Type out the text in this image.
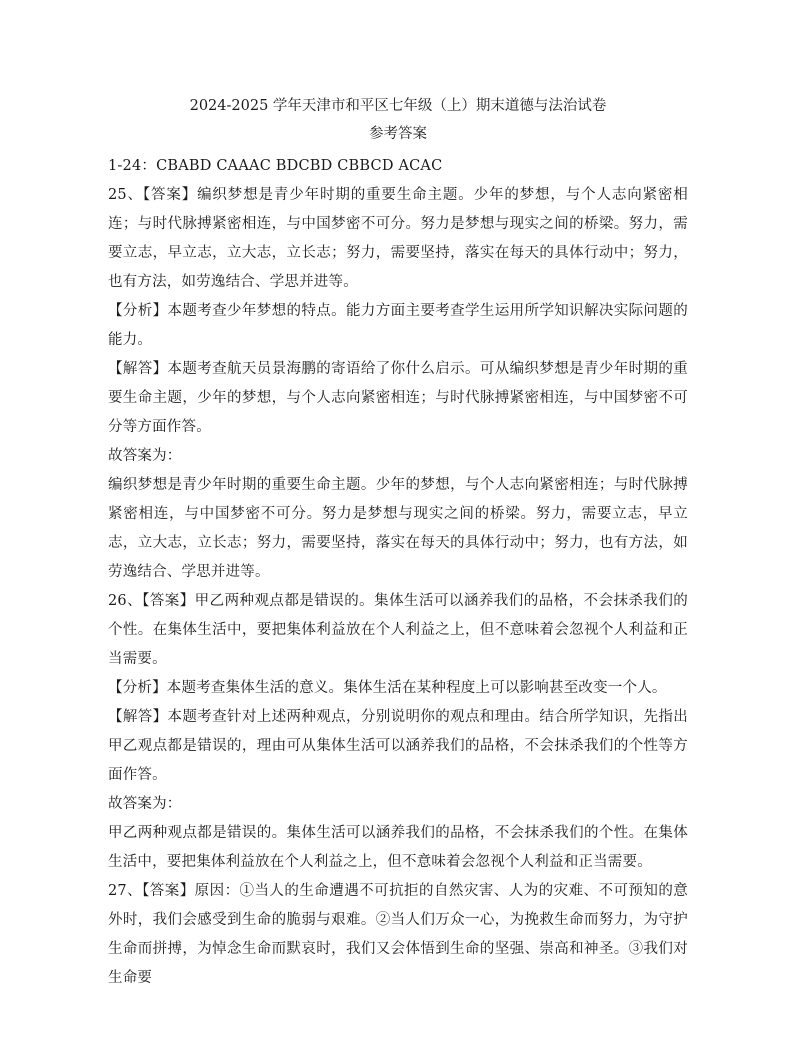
2024-2025 学年天津市和平区七年级（上）期末道德与法治试卷

参考答案

1-24：CBABD CAAAC BDCBD CBBCD ACAC

25、【答案】编织梦想是青少年时期的重要生命主题。少年的梦想，与个人志向紧密相连；与时代脉搏紧密相连，与中国梦密不可分。努力是梦想与现实之间的桥梁。努力，需要立志，早立志，立大志，立长志；努力，需要坚持，落实在每天的具体行动中；努力，也有方法，如劳逸结合、学思并进等。

【分析】本题考查少年梦想的特点。能力方面主要考查学生运用所学知识解决实际问题的能力。

【解答】本题考查航天员景海鹏的寄语给了你什么启示。可从编织梦想是青少年时期的重要生命主题，少年的梦想，与个人志向紧密相连；与时代脉搏紧密相连，与中国梦密不可分等方面作答。

故答案为：

编织梦想是青少年时期的重要生命主题。少年的梦想，与个人志向紧密相连；与时代脉搏紧密相连，与中国梦密不可分。努力是梦想与现实之间的桥梁。努力，需要立志，早立志，立大志，立长志；努力，需要坚持，落实在每天的具体行动中；努力，也有方法，如劳逸结合、学思并进等。

26、【答案】甲乙两种观点都是错误的。集体生活可以涵养我们的品格，不会抹杀我们的个性。在集体生活中，要把集体利益放在个人利益之上，但不意味着会忽视个人利益和正当需要。

【分析】本题考查集体生活的意义。集体生活在某种程度上可以影响甚至改变一个人。

【解答】本题考查针对上述两种观点，分别说明你的观点和理由。结合所学知识，先指出甲乙观点都是错误的，理由可从集体生活可以涵养我们的品格，不会抹杀我们的个性等方面作答。

故答案为：

甲乙两种观点都是错误的。集体生活可以涵养我们的品格，不会抹杀我们的个性。在集体生活中，要把集体利益放在个人利益之上，但不意味着会忽视个人利益和正当需要。

27、【答案】原因：①当人的生命遭遇不可抗拒的自然灾害、人为的灾难、不可预知的意外时，我们会感受到生命的脆弱与艰难。②当人们万众一心，为挽救生命而努力，为守护生命而拼搏，为悼念生命而默哀时，我们又会体悟到生命的坚强、崇高和神圣。③我们对生命要
